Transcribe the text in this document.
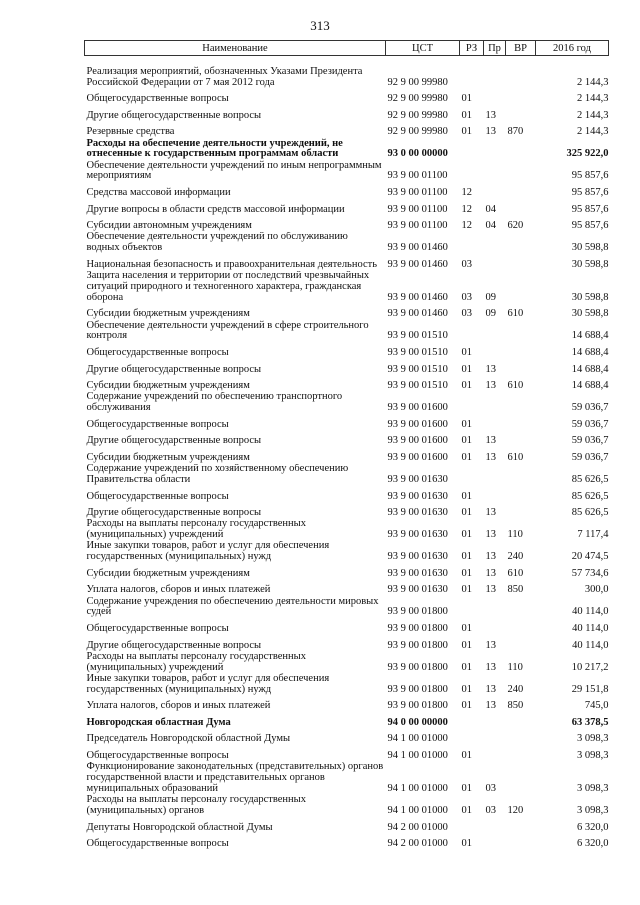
313
Наименование	ЦСТ	РЗ	Пр	ВР	2016 год
Реализация мероприятий, обозначенных Указами Президента Российской Федерации от 7 мая 2012 года	92 9 00 99980				2 144,3
Общегосударственные вопросы	92 9 00 99980	01			2 144,3
Другие общегосударственные вопросы	92 9 00 99980	01	13		2 144,3
Резервные средства	92 9 00 99980	01	13	870	2 144,3
Расходы на обеспечение деятельности учреждений, не отнесенные к государственным программам области	93 0 00 00000				325 922,0
Обеспечение деятельности учреждений по иным непрограммным мероприятиям	93 9 00 01100				95 857,6
Средства массовой информации	93 9 00 01100	12			95 857,6
Другие вопросы в области средств массовой информации	93 9 00 01100	12	04		95 857,6
Субсидии автономным учреждениям	93 9 00 01100	12	04	620	95 857,6
Обеспечение деятельности учреждений по обслуживанию водных объектов	93 9 00 01460				30 598,8
Национальная безопасность и правоохранительная деятельность	93 9 00 01460	03			30 598,8
Защита населения и территории от последствий чрезвычайных ситуаций природного и техногенного характера, гражданская оборона	93 9 00 01460	03	09		30 598,8
Субсидии бюджетным учреждениям	93 9 00 01460	03	09	610	30 598,8
Обеспечение деятельности учреждений в сфере строительного контроля	93 9 00 01510				14 688,4
Общегосударственные вопросы	93 9 00 01510	01			14 688,4
Другие общегосударственные вопросы	93 9 00 01510	01	13		14 688,4
Субсидии бюджетным учреждениям	93 9 00 01510	01	13	610	14 688,4
Содержание учреждений по обеспечению транспортного обслуживания	93 9 00 01600				59 036,7
Общегосударственные вопросы	93 9 00 01600	01			59 036,7
Другие общегосударственные вопросы	93 9 00 01600	01	13		59 036,7
Субсидии бюджетным учреждениям	93 9 00 01600	01	13	610	59 036,7
Содержание учреждений по хозяйственному обеспечению Правительства области	93 9 00 01630				85 626,5
Общегосударственные вопросы	93 9 00 01630	01			85 626,5
Другие общегосударственные вопросы	93 9 00 01630	01	13		85 626,5
Расходы на выплаты персоналу государственных (муниципальных) учреждений	93 9 00 01630	01	13	110	7 117,4
Иные закупки товаров, работ и услуг для обеспечения государственных (муниципальных) нужд	93 9 00 01630	01	13	240	20 474,5
Субсидии бюджетным учреждениям	93 9 00 01630	01	13	610	57 734,6
Уплата налогов, сборов и иных платежей	93 9 00 01630	01	13	850	300,0
Содержание учреждения по обеспечению деятельности мировых судей	93 9 00 01800				40 114,0
Общегосударственные вопросы	93 9 00 01800	01			40 114,0
Другие общегосударственные вопросы	93 9 00 01800	01	13		40 114,0
Расходы на выплаты персоналу государственных (муниципальных) учреждений	93 9 00 01800	01	13	110	10 217,2
Иные закупки товаров, работ и услуг для обеспечения государственных (муниципальных) нужд	93 9 00 01800	01	13	240	29 151,8
Уплата налогов, сборов и иных платежей	93 9 00 01800	01	13	850	745,0
Новгородская областная Дума	94 0 00 00000				63 378,5
Председатель Новгородской областной Думы	94 1 00 01000				3 098,3
Общегосударственные вопросы	94 1 00 01000	01			3 098,3
Функционирование законодательных (представительных) органов государственной власти и представительных органов муниципальных образований	94 1 00 01000	01	03		3 098,3
Расходы на выплаты персоналу государственных (муниципальных) органов	94 1 00 01000	01	03	120	3 098,3
Депутаты Новгородской областной Думы	94 2 00 01000				6 320,0
Общегосударственные вопросы	94 2 00 01000	01			6 320,0
